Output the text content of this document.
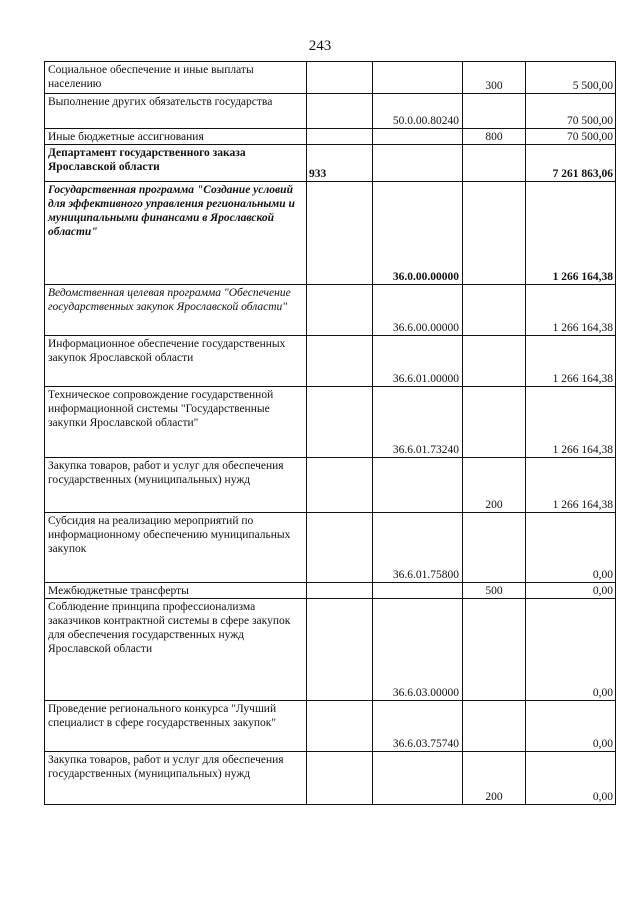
243
Социальное обеспечение и иные выплаты населению			300	5 500,00
Выполнение других обязательств государства		50.0.00.80240		70 500,00
Иные бюджетные ассигнования			800	70 500,00
Департамент государственного заказа Ярославской области	933			7 261 863,06
Государственная программа "Создание условий для эффективного управления региональными и муниципальными финансами в Ярославской области"		36.0.00.00000		1 266 164,38
Ведомственная целевая программа "Обеспечение государственных закупок Ярославской области"		36.6.00.00000		1 266 164,38
Информационное обеспечение государственных закупок Ярославской области		36.6.01.00000		1 266 164,38
Техническое сопровождение государственной информационной системы "Государственные закупки Ярославской области"		36.6.01.73240		1 266 164,38
Закупка товаров, работ и услуг для обеспечения государственных (муниципальных) нужд			200	1 266 164,38
Субсидия на реализацию мероприятий по информационному обеспечению муниципальных закупок		36.6.01.75800		0,00
Межбюджетные трансферты			500	0,00
Соблюдение принципа профессионализма заказчиков контрактной системы в сфере закупок для обеспечения государственных нужд Ярославской области		36.6.03.00000		0,00
Проведение регионального конкурса "Лучший специалист в сфере государственных закупок"		36.6.03.75740		0,00
Закупка товаров, работ и услуг для обеспечения государственных (муниципальных) нужд			200	0,00
